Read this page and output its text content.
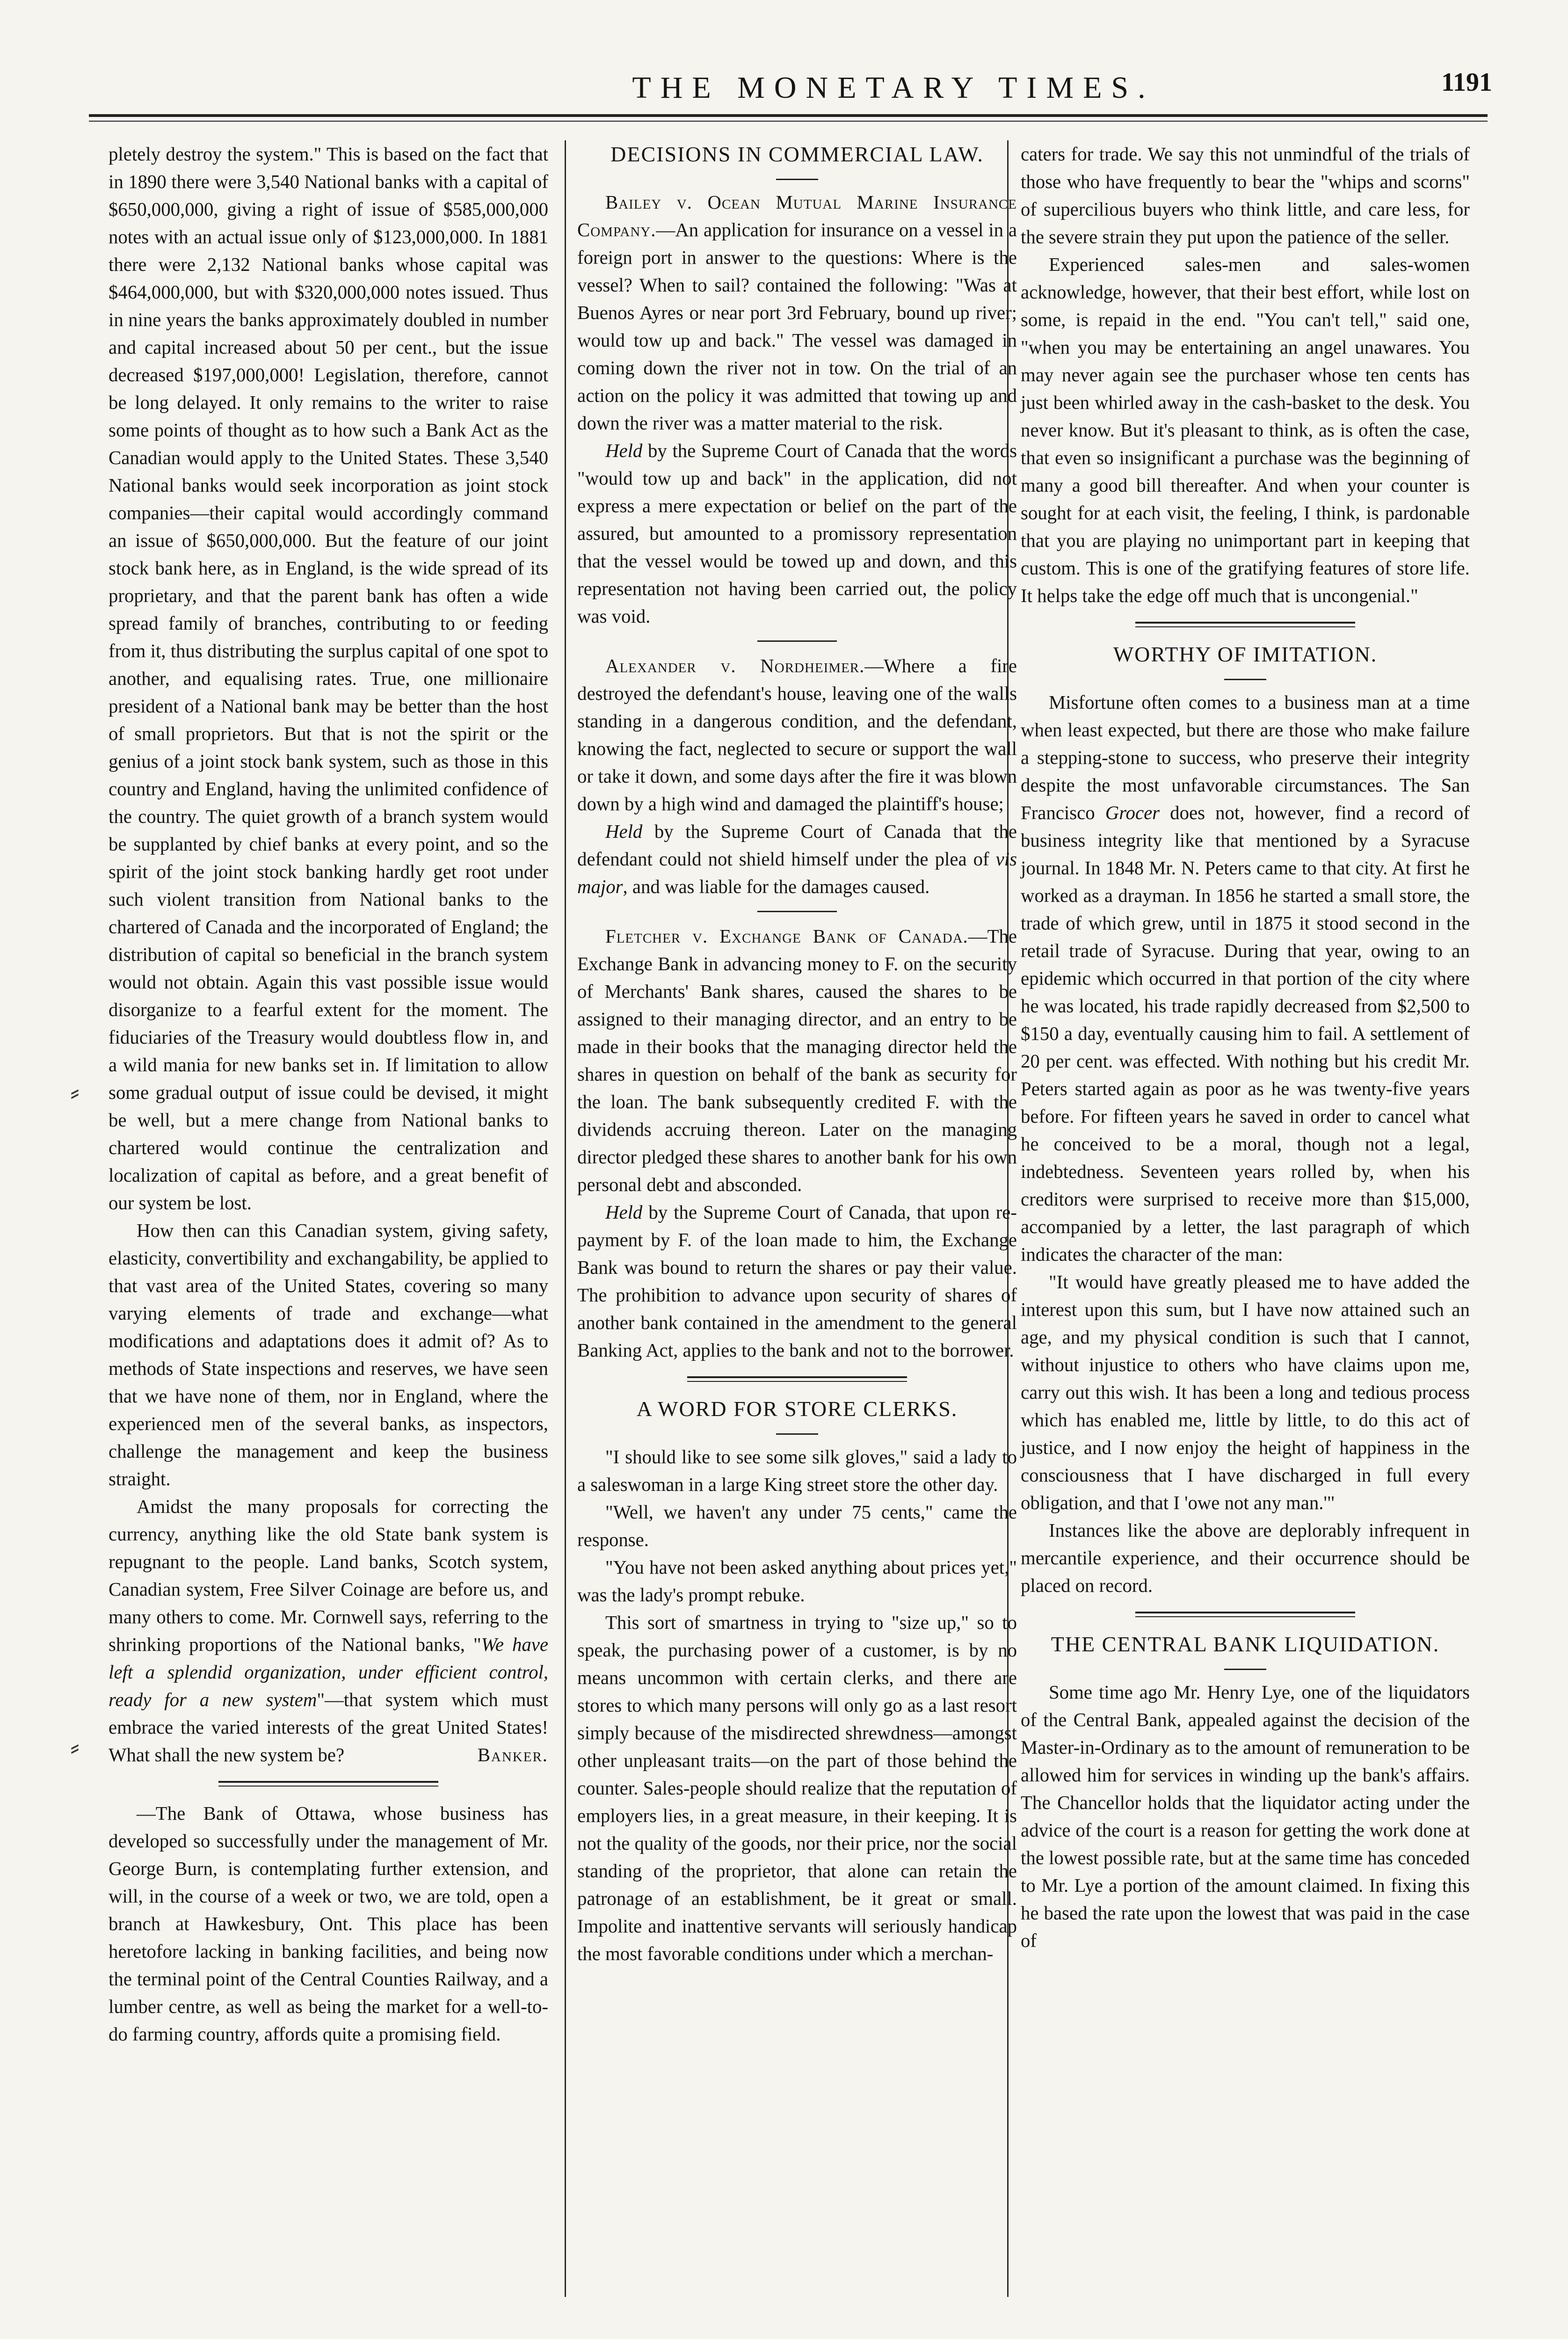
THE MONETARY TIMES.	1191
⸗
⸗

pletely destroy the system." This is based on the fact that in 1890 there were 3,540 National banks with a capital of $650,000,000, giving a right of issue of $585,000,000 notes with an actual issue only of $123,000,000. In 1881 there were 2,132 National banks whose capital was $464,000,000, but with $320,000,000 notes issued. Thus in nine years the banks approximately doubled in number and capital increased about 50 per cent., but the issue decreased $197,000,000! Legislation, therefore, cannot be long delayed. It only remains to the writer to raise some points of thought as to how such a Bank Act as the Canadian would apply to the United States. These 3,540 National banks would seek incorporation as joint stock companies—their capital would accordingly command an issue of $650,000,000. But the feature of our joint stock bank here, as in England, is the wide spread of its proprietary, and that the parent bank has often a wide spread family of branches, contributing to or feeding from it, thus distributing the surplus capital of one spot to another, and equalising rates. True, one millionaire president of a National bank may be better than the host of small proprietors. But that is not the spirit or the genius of a joint stock bank system, such as those in this country and England, having the unlimited confidence of the country. The quiet growth of a branch system would be supplanted by chief banks at every point, and so the spirit of the joint stock banking hardly get root under such violent transition from National banks to the chartered of Canada and the incorporated of England; the distribution of capital so beneficial in the branch system would not obtain. Again this vast possible issue would disorganize to a fearful extent for the moment. The fiduciaries of the Treasury would doubtless flow in, and a wild mania for new banks set in. If limitation to allow some gradual output of issue could be devised, it might be well, but a mere change from National banks to chartered would continue the centralization and localization of capital as before, and a great benefit of our system be lost.

How then can this Canadian system, giving safety, elasticity, convertibility and exchangability, be applied to that vast area of the United States, covering so many varying elements of trade and exchange—what modifications and adaptations does it admit of? As to methods of State inspections and reserves, we have seen that we have none of them, nor in England, where the experienced men of the several banks, as inspectors, challenge the management and keep the business straight.

Amidst the many proposals for correcting the currency, anything like the old State bank system is repugnant to the people. Land banks, Scotch system, Canadian system, Free Silver Coinage are before us, and many others to come. Mr. Cornwell says, referring to the shrinking proportions of the National banks, "We have left a splendid organization, under efficient control, ready for a new system"—that system which must embrace the varied interests of the great United States! What shall the new system be?	Banker.

—The Bank of Ottawa, whose business has developed so successfully under the management of Mr. George Burn, is contemplating further extension, and will, in the course of a week or two, we are told, open a branch at Hawkesbury, Ont. This place has been heretofore lacking in banking facilities, and being now the terminal point of the Central Counties Railway, and a lumber centre, as well as being the market for a well-to-do farming country, affords quite a promising field.

DECISIONS IN COMMERCIAL LAW.

Bailey v. Ocean Mutual Marine Insurance Company.—An application for insurance on a vessel in a foreign port in answer to the questions: Where is the vessel? When to sail? contained the following: "Was at Buenos Ayres or near port 3rd February, bound up river; would tow up and back." The vessel was damaged in coming down the river not in tow. On the trial of an action on the policy it was admitted that towing up and down the river was a matter material to the risk.

Held by the Supreme Court of Canada that the words "would tow up and back" in the application, did not express a mere expectation or belief on the part of the assured, but amounted to a promissory representation that the vessel would be towed up and down, and this representation not having been carried out, the policy was void.

Alexander v. Nordheimer.—Where a fire destroyed the defendant's house, leaving one of the walls standing in a dangerous condition, and the defendant, knowing the fact, neglected to secure or support the wall or take it down, and some days after the fire it was blown down by a high wind and damaged the plaintiff's house;

Held by the Supreme Court of Canada that the defendant could not shield himself under the plea of vis major, and was liable for the damages caused.

Fletcher v. Exchange Bank of Canada.—The Exchange Bank in advancing money to F. on the security of Merchants' Bank shares, caused the shares to be assigned to their managing director, and an entry to be made in their books that the managing director held the shares in question on behalf of the bank as security for the loan. The bank subsequently credited F. with the dividends accruing thereon. Later on the managing director pledged these shares to another bank for his own personal debt and absconded.

Held by the Supreme Court of Canada, that upon re-payment by F. of the loan made to him, the Exchange Bank was bound to return the shares or pay their value. The prohibition to advance upon security of shares of another bank contained in the amendment to the general Banking Act, applies to the bank and not to the borrower.

A WORD FOR STORE CLERKS.

"I should like to see some silk gloves," said a lady to a saleswoman in a large King street store the other day.

"Well, we haven't any under 75 cents," came the response.

"You have not been asked anything about prices yet," was the lady's prompt rebuke.

This sort of smartness in trying to "size up," so to speak, the purchasing power of a customer, is by no means uncommon with certain clerks, and there are stores to which many persons will only go as a last resort simply because of the misdirected shrewdness—amongst other unpleasant traits—on the part of those behind the counter. Sales-people should realize that the reputation of employers lies, in a great measure, in their keeping. It is not the quality of the goods, nor their price, nor the social standing of the proprietor, that alone can retain the patronage of an establishment, be it great or small. Impolite and inattentive servants will seriously handicap the most favorable conditions under which a merchan-

caters for trade. We say this not unmindful of the trials of those who have frequently to bear the "whips and scorns" of supercilious buyers who think little, and care less, for the severe strain they put upon the patience of the seller.

Experienced sales-men and sales-women acknowledge, however, that their best effort, while lost on some, is repaid in the end. "You can't tell," said one, "when you may be entertaining an angel unawares. You may never again see the purchaser whose ten cents has just been whirled away in the cash-basket to the desk. You never know. But it's pleasant to think, as is often the case, that even so insignificant a purchase was the beginning of many a good bill thereafter. And when your counter is sought for at each visit, the feeling, I think, is pardonable that you are playing no unimportant part in keeping that custom. This is one of the gratifying features of store life. It helps take the edge off much that is uncongenial."

WORTHY OF IMITATION.

Misfortune often comes to a business man at a time when least expected, but there are those who make failure a stepping-stone to success, who preserve their integrity despite the most unfavorable circumstances. The San Francisco Grocer does not, however, find a record of business integrity like that mentioned by a Syracuse journal. In 1848 Mr. N. Peters came to that city. At first he worked as a drayman. In 1856 he started a small store, the trade of which grew, until in 1875 it stood second in the retail trade of Syracuse. During that year, owing to an epidemic which occurred in that portion of the city where he was located, his trade rapidly decreased from $2,500 to $150 a day, eventually causing him to fail. A settlement of 20 per cent. was effected. With nothing but his credit Mr. Peters started again as poor as he was twenty-five years before. For fifteen years he saved in order to cancel what he conceived to be a moral, though not a legal, indebtedness. Seventeen years rolled by, when his creditors were surprised to receive more than $15,000, accompanied by a letter, the last paragraph of which indicates the character of the man:

"It would have greatly pleased me to have added the interest upon this sum, but I have now attained such an age, and my physical condition is such that I cannot, without injustice to others who have claims upon me, carry out this wish. It has been a long and tedious process which has enabled me, little by little, to do this act of justice, and I now enjoy the height of happiness in the consciousness that I have discharged in full every obligation, and that I 'owe not any man.'"

Instances like the above are deplorably infrequent in mercantile experience, and their occurrence should be placed on record.

THE CENTRAL BANK LIQUIDATION.

Some time ago Mr. Henry Lye, one of the liquidators of the Central Bank, appealed against the decision of the Master-in-Ordinary as to the amount of remuneration to be allowed him for services in winding up the bank's affairs. The Chancellor holds that the liquidator acting under the advice of the court is a reason for getting the work done at the lowest possible rate, but at the same time has conceded to Mr. Lye a portion of the amount claimed. In fixing this he based the rate upon the lowest that was paid in the case of
